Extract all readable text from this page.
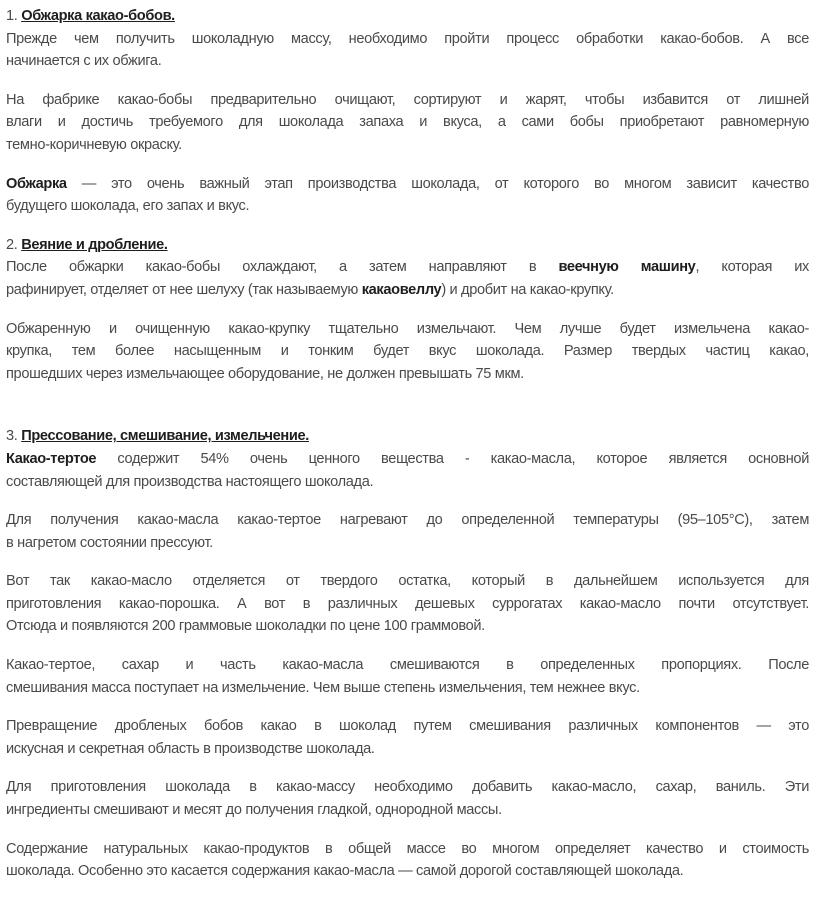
1. Обжарка какао-бобов.
Прежде чем получить шоколадную массу, необходимо пройти процесс обработки какао-бобов. А все
начинается с их обжига.
На фабрике какао-бобы предварительно очищают, сортируют и жарят, чтобы избавится от лишней
влаги и достичь требуемого для шоколада запаха и вкуса, а сами бобы приобретают равномерную
темно-коричневую окраску.
Обжарка — это очень важный этап производства шоколада, от которого во многом зависит качество
будущего шоколада, его запах и вкус.
2. Веяние и дробление.
После обжарки какао-бобы охлаждают, а затем направляют в веечную машину, которая их
рафинирует, отделяет от нее шелуху (так называемую какаовеллу) и дробит на какао-крупку.
Обжаренную и очищенную какао-крупку тщательно измельчают. Чем лучше будет измельчена какао-
крупка, тем более насыщенным и тонким будет вкус шоколада. Размер твердых частиц какао,
прошедших через измельчающее оборудование, не должен превышать 75 мкм.
3. Прессование, смешивание, измельчение.
Какао-тертое содержит 54% очень ценного вещества - какао-масла, которое является основной
составляющей для производства настоящего шоколада.
Для получения какао-масла какао-тертое нагревают до определенной температуры (95–105°С), затем
в нагретом состоянии прессуют.
Вот так какао-масло отделяется от твердого остатка, который в дальнейшем используется для
приготовления какао-порошка. А вот в различных дешевых суррогатах какао-масло почти отсутствует.
Отсюда и появляются 200 граммовые шоколадки по цене 100 граммовой.
Какао-тертое, сахар и часть какао-масла смешиваются в определенных пропорциях. После
смешивания масса поступает на измельчение. Чем выше степень измельчения, тем нежнее вкус.
Превращение дробленых бобов какао в шоколад путем смешивания различных компонентов — это
искусная и секретная область в производстве шоколада.
Для приготовления шоколада в какао-массу необходимо добавить какао-масло, сахар, ваниль. Эти
ингредиенты смешивают и месят до получения гладкой, однородной массы.
Содержание натуральных какао-продуктов в общей массе во многом определяет качество и стоимость
шоколада. Особенно это касается содержания какао-масла — самой дорогой составляющей шоколада.
